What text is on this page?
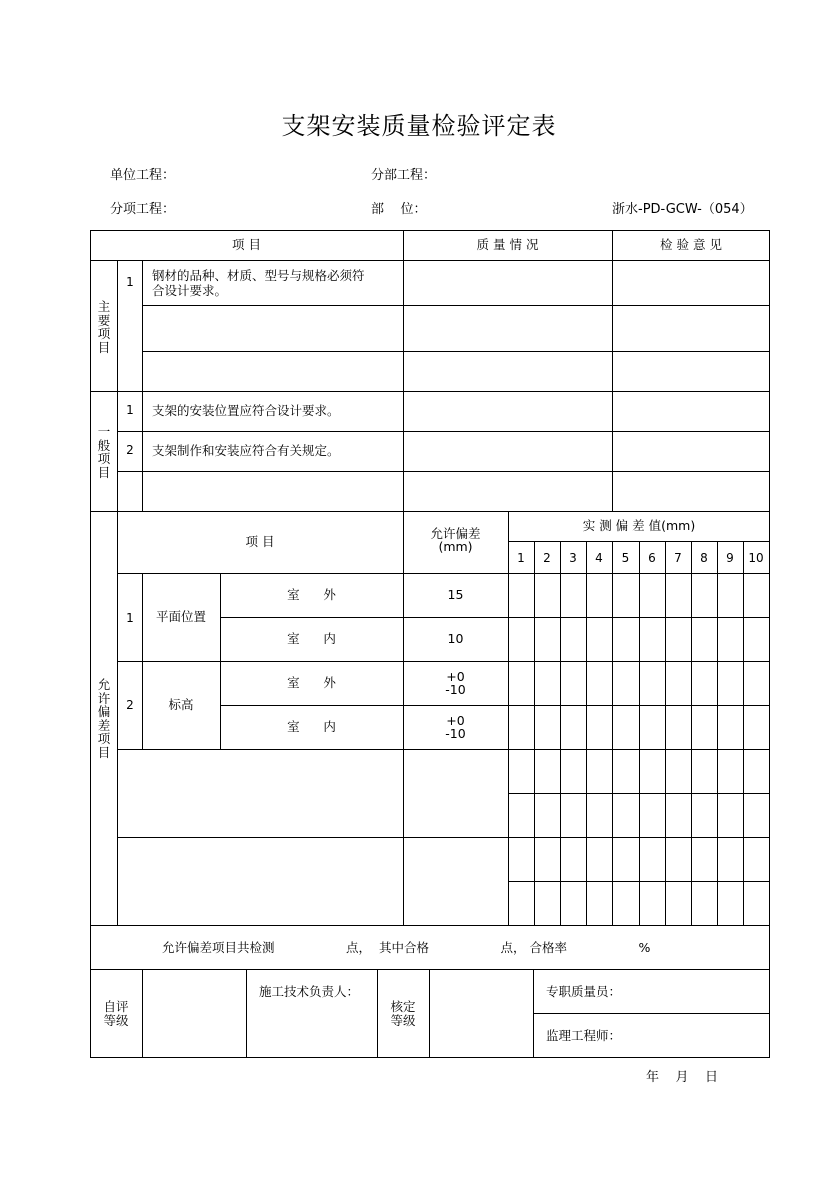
支架安装质量检验评定表
单位工程：	分部工程：
分项工程：	部    位：	浙水-PD-GCW-（054）
项 目	质 量 情 况	检 验 意 见
主要项目
1	钢材的品种、材质、型号与规格必须符
合设计要求。
一般项目
1	支架的安装位置应符合设计要求。
2	支架制作和安装应符合有关规定。
允许偏差项目
项 目
允许偏差
(mm)
实 测 偏 差 值(mm)
1	2	3	4	5	6	7	8	9	10
1	平面位置
室      外	15
室      内	10
2	标高
室      外	+0
-10
室      内	+0
-10
允许偏差项目共检测                  点，  其中合格                  点， 合格率                  %
自评
等级
施工技术负责人：
核定
等级
专职质量员：
监理工程师：
年    月    日
